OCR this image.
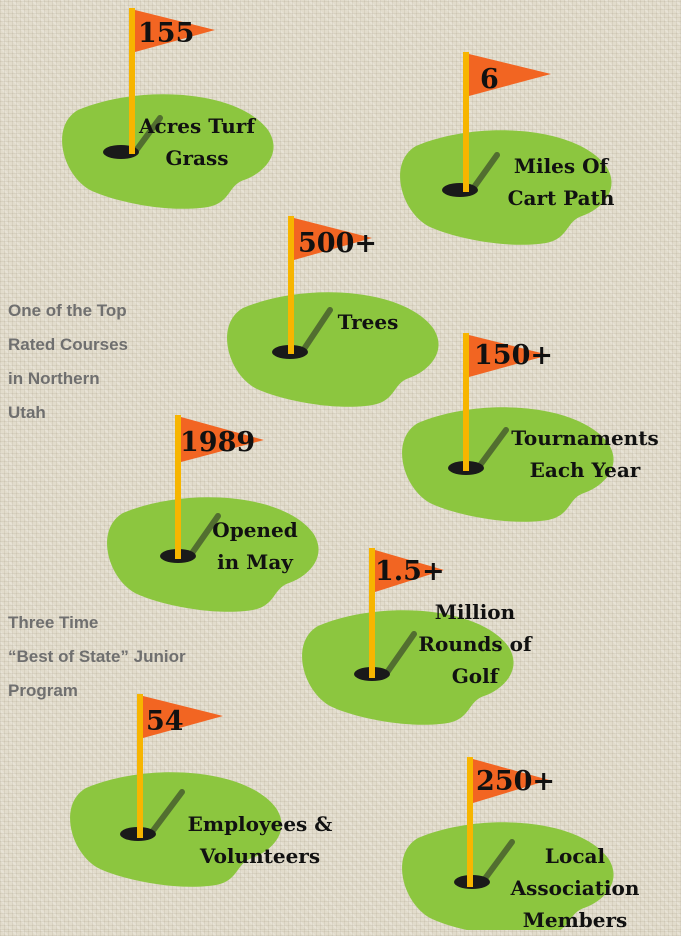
155
Acres Turf
Grass
6
Miles Of
Cart Path
500+
Trees
150+
Tournaments
Each Year
1989
Opened
in May	1.5+
Million
Rounds of
Golf
54
Employees &
Volunteers
250+
Local
Association
Members
One of the Top
Rated Courses
in Northern
Utah
Three Time
“Best of State” Junior
Program
